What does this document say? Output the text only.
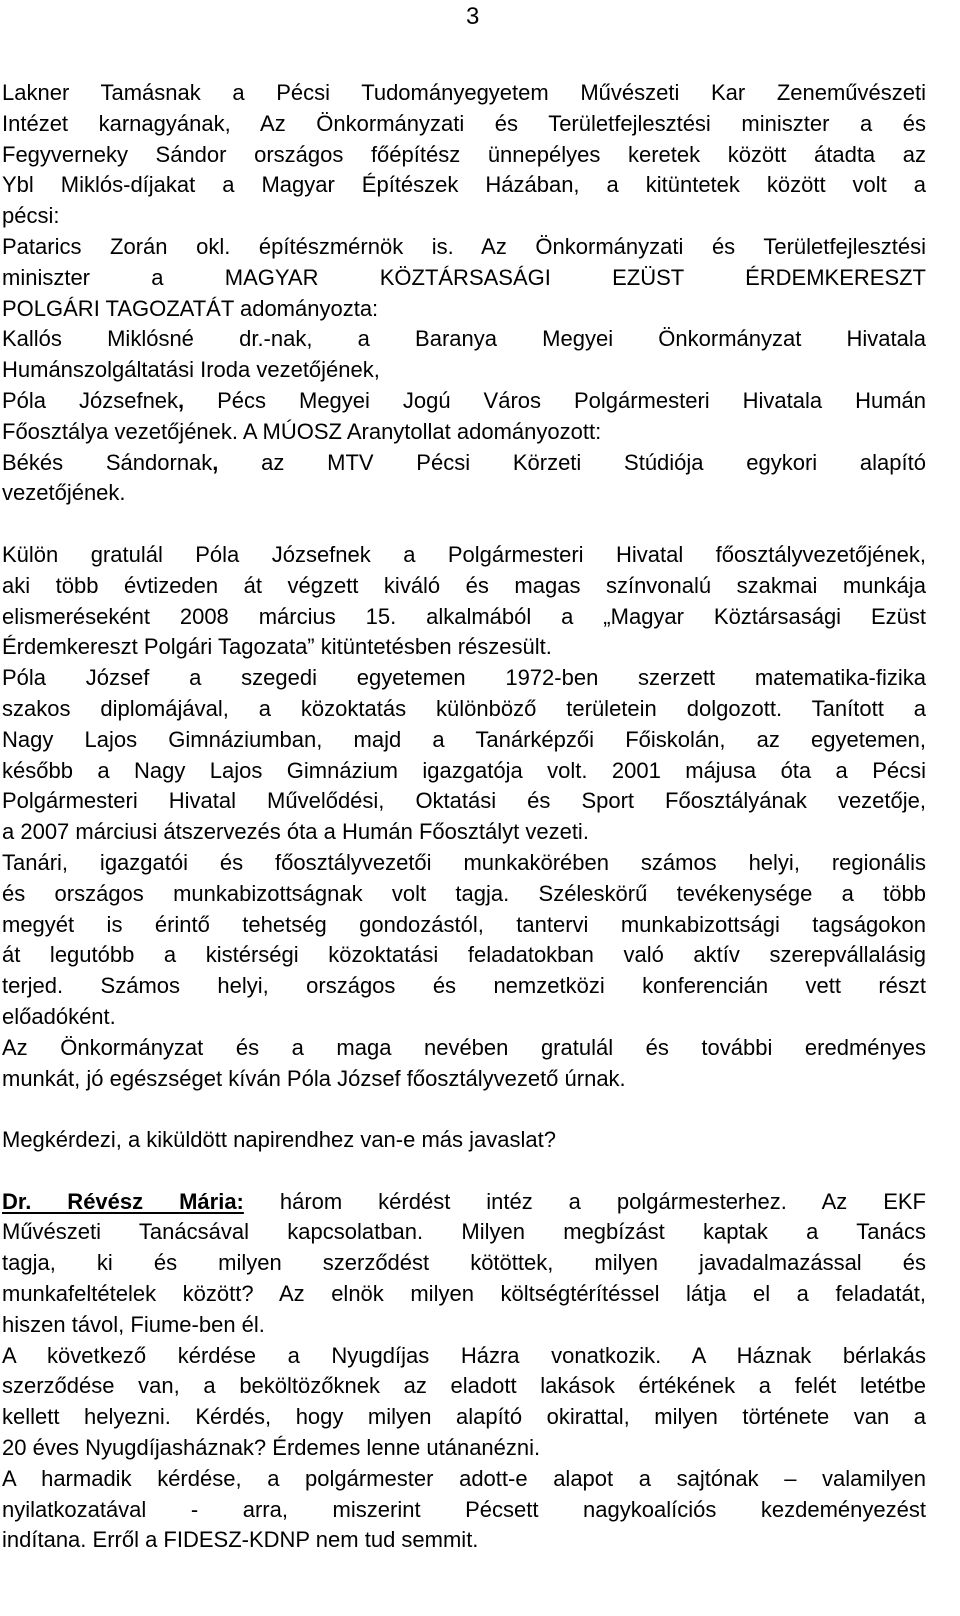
3

Lakner Tamásnak a Pécsi Tudományegyetem Művészeti Kar Zeneművészeti

Intézet karnagyának, Az Önkormányzati és Területfejlesztési miniszter a és

Fegyverneky Sándor országos főépítész ünnepélyes keretek között átadta az

Ybl Miklós-díjakat a Magyar Építészek Házában, a kitüntetek között volt a

pécsi:

Patarics Zorán okl. építészmérnök is. Az Önkormányzati és Területfejlesztési

miniszter a MAGYAR KÖZTÁRSASÁGI EZÜST ÉRDEMKERESZT

POLGÁRI TAGOZATÁT adományozta:

Kallós Miklósné dr.-nak, a Baranya Megyei Önkormányzat Hivatala

Humánszolgáltatási Iroda vezetőjének,

Póla Józsefnek, Pécs Megyei Jogú Város Polgármesteri Hivatala Humán

Főosztálya vezetőjének. A MÚOSZ Aranytollat adományozott:

Békés Sándornak, az MTV Pécsi Körzeti Stúdiója egykori alapító

vezetőjének.

Külön gratulál Póla Józsefnek a Polgármesteri Hivatal főosztályvezetőjének,

aki több évtizeden át végzett kiváló és magas színvonalú szakmai munkája

elismeréseként 2008 március 15. alkalmából a „Magyar Köztársasági Ezüst

Érdemkereszt Polgári Tagozata” kitüntetésben részesült.

Póla József a szegedi egyetemen 1972-ben szerzett matematika-fizika

szakos diplomájával, a közoktatás különböző területein dolgozott. Tanított a

Nagy Lajos Gimnáziumban, majd a Tanárképzői Főiskolán, az egyetemen,

később a Nagy Lajos Gimnázium igazgatója volt. 2001 májusa óta a Pécsi

Polgármesteri Hivatal Művelődési, Oktatási és Sport Főosztályának vezetője,

a 2007 márciusi átszervezés óta a Humán Főosztályt vezeti.

Tanári, igazgatói és főosztályvezetői munkakörében számos helyi, regionális

és országos munkabizottságnak volt tagja. Széleskörű tevékenysége a több

megyét is érintő tehetség gondozástól, tantervi munkabizottsági tagságokon

át legutóbb a kistérségi közoktatási feladatokban való aktív szerepvállalásig

terjed. Számos helyi, országos és nemzetközi konferencián vett részt

előadóként.

Az Önkormányzat és a maga nevében gratulál és további eredményes

munkát, jó egészséget kíván Póla József főosztályvezető úrnak.

Megkérdezi, a kiküldött napirendhez van-e más javaslat?

Dr. Révész Mária: három kérdést intéz a polgármesterhez. Az EKF

Művészeti Tanácsával kapcsolatban. Milyen megbízást kaptak a Tanács

tagja, ki és milyen szerződést kötöttek, milyen javadalmazással és

munkafeltételek között? Az elnök milyen költségtérítéssel látja el a feladatát,

hiszen távol, Fiume-ben él.

A következő kérdése a Nyugdíjas Házra vonatkozik. A Háznak bérlakás

szerződése van, a beköltözőknek az eladott lakások értékének a felét letétbe

kellett helyezni. Kérdés, hogy milyen alapító okirattal, milyen története van a

20 éves Nyugdíjasháznak? Érdemes lenne utánanézni.

A harmadik kérdése, a polgármester adott-e alapot a sajtónak – valamilyen

nyilatkozatával - arra, miszerint Pécsett nagykoalíciós kezdeményezést

indítana. Erről a FIDESZ-KDNP nem tud semmit.
